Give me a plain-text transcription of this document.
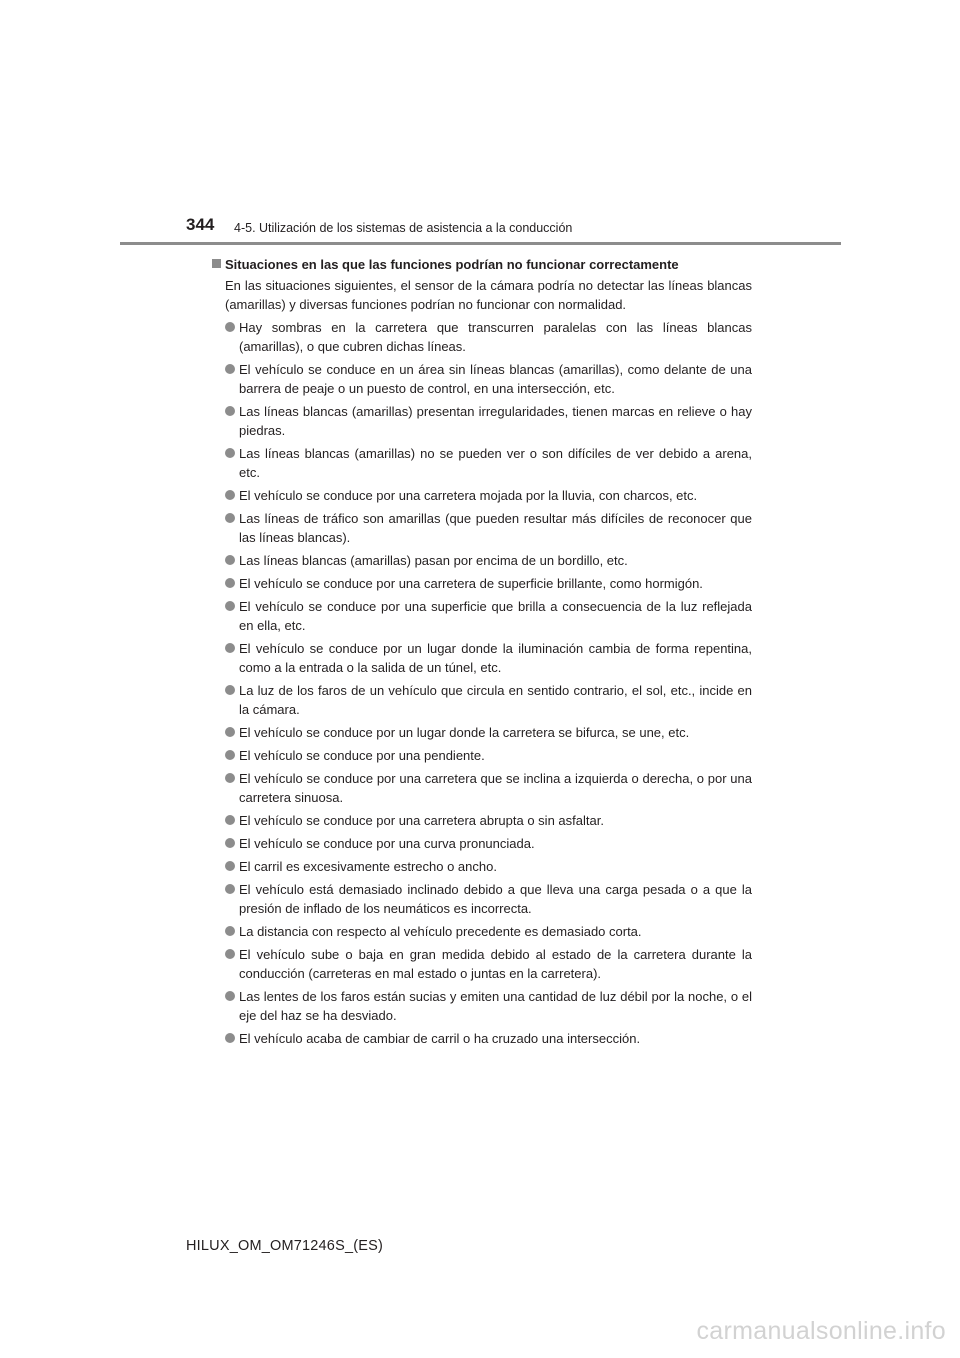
344 4-5. Utilización de los sistemas de asistencia a la conducción

Situaciones en las que las funciones podrían no funcionar correctamente

En las situaciones siguientes, el sensor de la cámara podría no detectar las líneas blancas (amarillas) y diversas funciones podrían no funcionar con normalidad.

Hay sombras en la carretera que transcurren paralelas con las líneas blancas (amarillas), o que cubren dichas líneas.
El vehículo se conduce en un área sin líneas blancas (amarillas), como delante de una barrera de peaje o un puesto de control, en una intersección, etc.
Las líneas blancas (amarillas) presentan irregularidades, tienen marcas en relieve o hay piedras.
Las líneas blancas (amarillas) no se pueden ver o son difíciles de ver debido a arena, etc.
El vehículo se conduce por una carretera mojada por la lluvia, con charcos, etc.
Las líneas de tráfico son amarillas (que pueden resultar más difíciles de reconocer que las líneas blancas).
Las líneas blancas (amarillas) pasan por encima de un bordillo, etc.
El vehículo se conduce por una carretera de superficie brillante, como hormigón.
El vehículo se conduce por una superficie que brilla a consecuencia de la luz reflejada en ella, etc.
El vehículo se conduce por un lugar donde la iluminación cambia de forma repentina, como a la entrada o la salida de un túnel, etc.
La luz de los faros de un vehículo que circula en sentido contrario, el sol, etc., incide en la cámara.
El vehículo se conduce por un lugar donde la carretera se bifurca, se une, etc.
El vehículo se conduce por una pendiente.
El vehículo se conduce por una carretera que se inclina a izquierda o derecha, o por una carretera sinuosa.
El vehículo se conduce por una carretera abrupta o sin asfaltar.
El vehículo se conduce por una curva pronunciada.
El carril es excesivamente estrecho o ancho.
El vehículo está demasiado inclinado debido a que lleva una carga pesada o a que la presión de inflado de los neumáticos es incorrecta.
La distancia con respecto al vehículo precedente es demasiado corta.
El vehículo sube o baja en gran medida debido al estado de la carretera durante la conducción (carreteras en mal estado o juntas en la carretera).
Las lentes de los faros están sucias y emiten una cantidad de luz débil por la noche, o el eje del haz se ha desviado.
El vehículo acaba de cambiar de carril o ha cruzado una intersección.
HILUX_OM_OM71246S_(ES)
carmanualsonline.info
